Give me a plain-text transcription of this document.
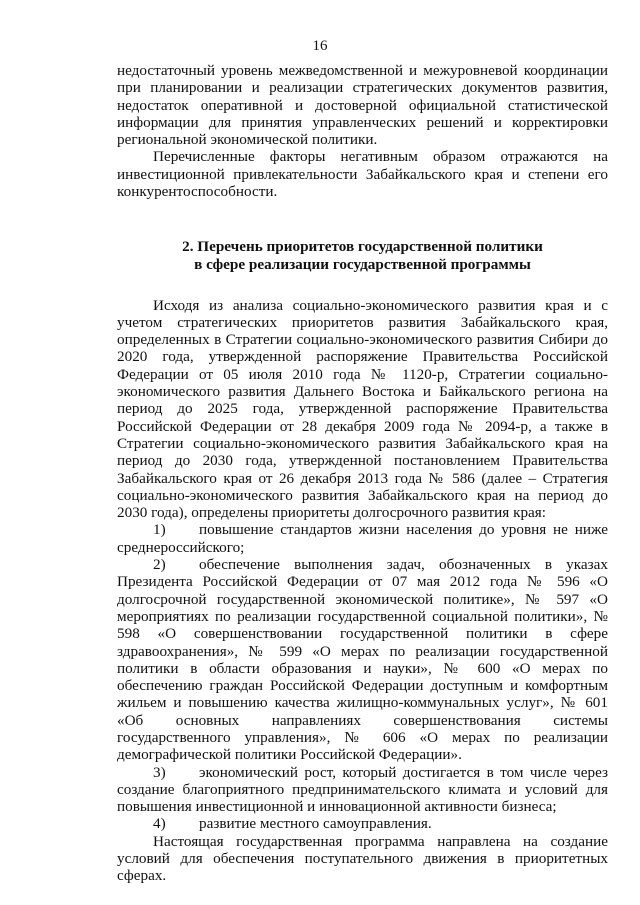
16

недостаточный уровень межведомственной и межуровневой координации при планировании и реализации стратегических документов развития, недостаток оперативной и достоверной официальной статистической информации для принятия управленческих решений и корректировки региональной экономической политики.

Перечисленные факторы негативным образом отражаются на инвестиционной привлекательности Забайкальского края и степени его конкурентоспособности.

2. Перечень приоритетов государственной политики
в сфере реализации государственной программы

Исходя из анализа социально-экономического развития края и с учетом стратегических приоритетов развития Забайкальского края, определенных в Стратегии социально-экономического развития Сибири до 2020 года, утвержденной распоряжение Правительства Российской Федерации от 05 июля 2010 года № 1120-р, Стратегии социально-экономического развития Дальнего Востока и Байкальского региона на период до 2025 года, утвержденной распоряжение Правительства Российской Федерации от 28 декабря 2009 года № 2094-р, а также в Стратегии социально-экономического развития Забайкальского края на период до 2030 года, утвержденной постановлением Правительства Забайкальского края от 26 декабря 2013 года № 586 (далее – Стратегия социально-экономического развития Забайкальского края на период до 2030 года), определены приоритеты долгосрочного развития края:

1) повышение стандартов жизни населения до уровня не ниже среднероссийского;

2) обеспечение выполнения задач, обозначенных в указах Президента Российской Федерации от 07 мая 2012 года № 596 «О долгосрочной государственной экономической политике», № 597 «О мероприятиях по реализации государственной социальной политики», № 598 «О совершенствовании государственной политики в сфере здравоохранения», № 599 «О мерах по реализации государственной политики в области образования и науки», № 600 «О мерах по обеспечению граждан Российской Федерации доступным и комфортным жильем и повышению качества жилищно-коммунальных услуг», № 601 «Об основных направлениях совершенствования системы государственного управления», № 606 «О мерах по реализации демографической политики Российской Федерации».

3) экономический рост, который достигается в том числе через создание благоприятного предпринимательского климата и условий для повышения инвестиционной и инновационной активности бизнеса;

4) развитие местного самоуправления.

Настоящая государственная программа направлена на создание условий для обеспечения поступательного движения в приоритетных сферах.
